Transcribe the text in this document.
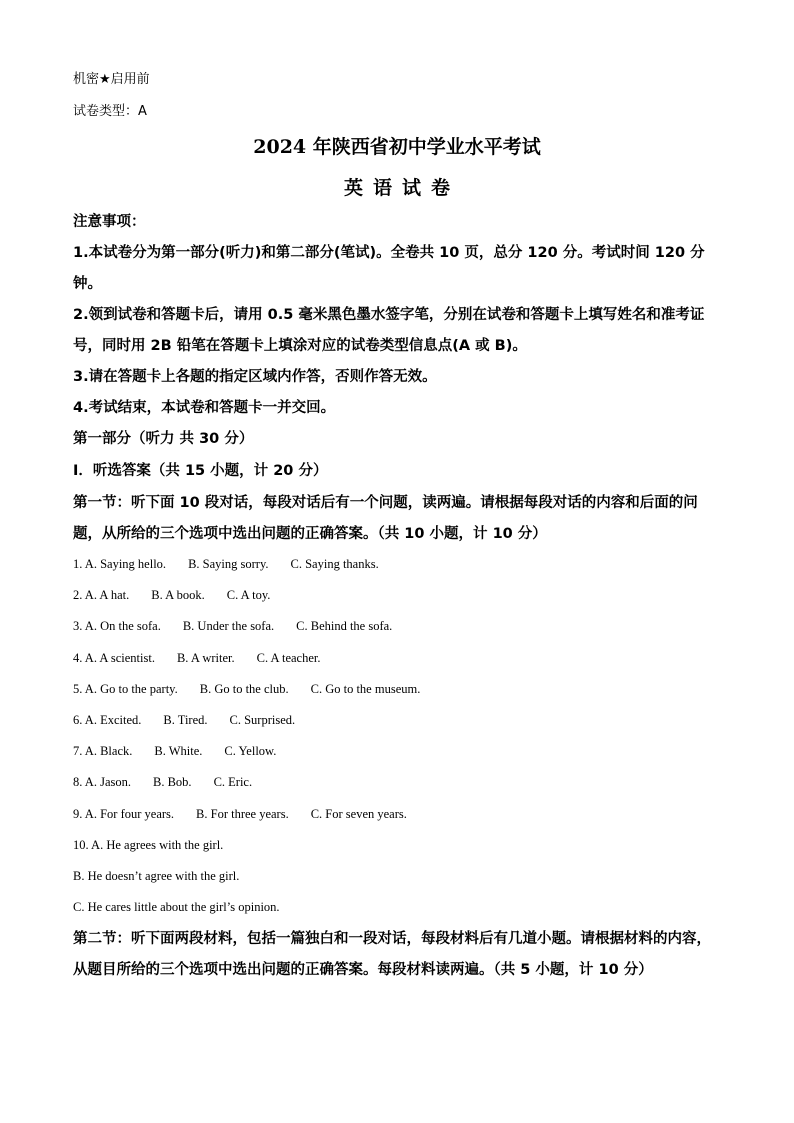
机密★启用前
试卷类型：A
2024 年陕西省初中学业水平考试
英语试卷
注意事项：
1.本试卷分为第一部分(听力)和第二部分(笔试)。全卷共 10 页，总分 120 分。考试时间 120 分钟。
2.领到试卷和答题卡后，请用 0.5 毫米黑色墨水签字笔，分别在试卷和答题卡上填写姓名和准考证号，同时用 2B 铅笔在答题卡上填涂对应的试卷类型信息点(A 或 B)。
3.请在答题卡上各题的指定区域内作答，否则作答无效。
4.考试结束，本试卷和答题卡一并交回。
第一部分（听力 共 30 分）
Ⅰ．听选答案（共 15 小题，计 20 分）
第一节：听下面 10 段对话，每段对话后有一个问题，读两遍。请根据每段对话的内容和后面的问题，从所给的三个选项中选出问题的正确答案。（共 10 小题，计 10 分）
1. A. Saying hello. B. Saying sorry. C. Saying thanks.
2. A. A hat. B. A book. C. A toy.
3. A. On the sofa. B. Under the sofa. C. Behind the sofa.
4. A. A scientist. B. A writer. C. A teacher.
5. A. Go to the party. B. Go to the club. C. Go to the museum.
6. A. Excited. B. Tired. C. Surprised.
7. A. Black. B. White. C. Yellow.
8. A. Jason. B. Bob. C. Eric.
9. A. For four years. B. For three years. C. For seven years.
10. A. He agrees with the girl.
B. He doesn’t agree with the girl.
C. He cares little about the girl’s opinion.
第二节：听下面两段材料，包括一篇独白和一段对话，每段材料后有几道小题。请根据材料的内容，从题目所给的三个选项中选出问题的正确答案。每段材料读两遍。（共 5 小题，计 10 分）
